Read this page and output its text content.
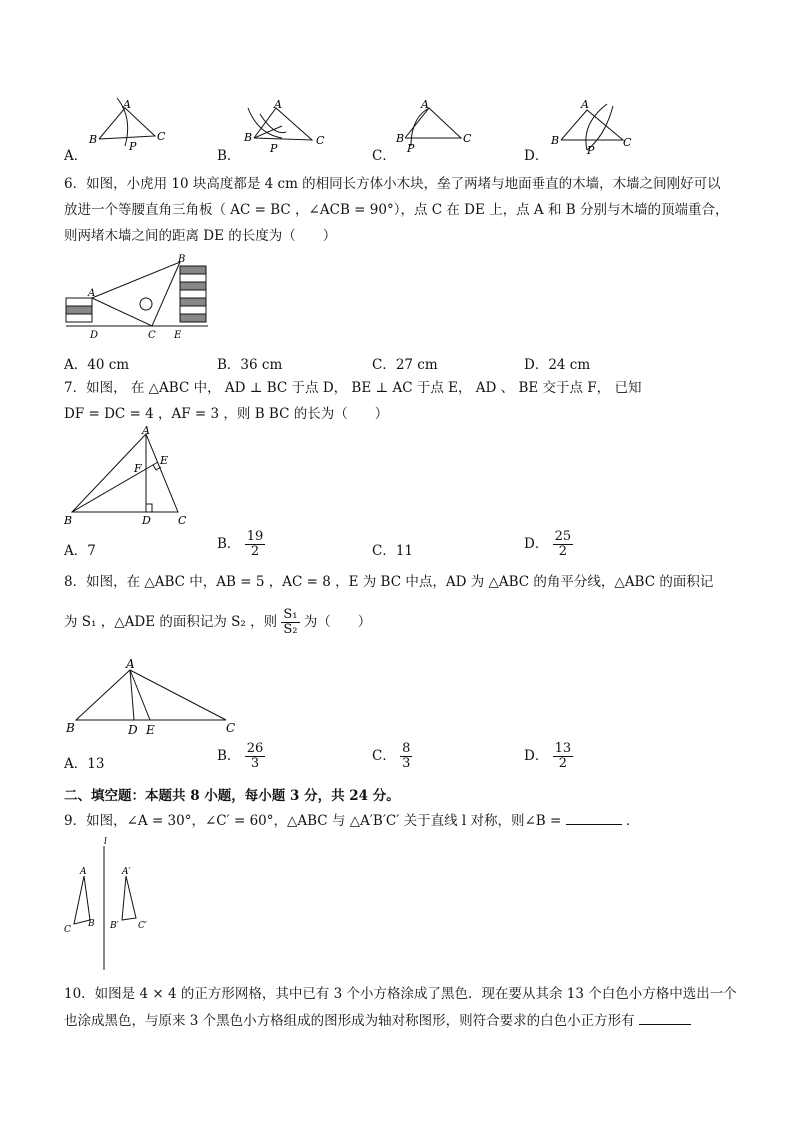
A．	B．	C．	D．
A
B	C
P
A
B	C
P
A
B	C
P
A
B	C
P
6．如图，小虎用 10 块高度都是 4 cm 的相同长方体小木块，垒了两堵与地面垂直的木墙，木墙之间刚好可以
放进一个等腰直角三角板（ AC = BC ，∠ACB = 90°），点 C 在 DE 上，点 A 和 B 分别与木墙的顶端重合，
则两堵木墙之间的距离 DE 的长度为（　　）
A
B
C
D	E
A．40 cm	B．36 cm	C．27 cm	D．24 cm
7．如图， 在 △ABC 中， AD ⊥ BC 于点 D， BE ⊥ AC 于点 E， AD 、 BE 交于点 F， 已知
DF = DC = 4 ，AF = 3 ，则 B BC 的长为（　　）
A
B	C
D
E
F
A．7	B． $\frac{19}{2}$	C．11	D． $\frac{25}{2}$
8．如图，在 △ABC 中，AB = 5 ，AC = 8 ，E 为 BC 中点，AD 为 △ABC 的角平分线，△ABC 的面积记
为 S₁ ，△ADE 的面积记为 S₂ ，则 $\frac{\text{S₁}}{\text{S₂}}$ 为（　　）
A
B	C
D E
A．13	B． $\frac{26}{3}$	C． $\frac{8}{3}$	D． $\frac{13}{2}$
二、填空题：本题共 8 小题，每小题 3 分，共 24 分。
9．如图，∠A = 30°，∠C′ = 60°，△ABC 与 △A′B′C′ 关于直线 l 对称，则∠B =	．
l
A
B
C
A′
B′ C′
10．如图是 4 × 4 的正方形网格，其中已有 3 个小方格涂成了黑色．现在要从其余 13 个白色小方格中选出一个
也涂成黑色，与原来 3 个黑色小方格组成的图形成为轴对称图形，则符合要求的白色小正方形有
